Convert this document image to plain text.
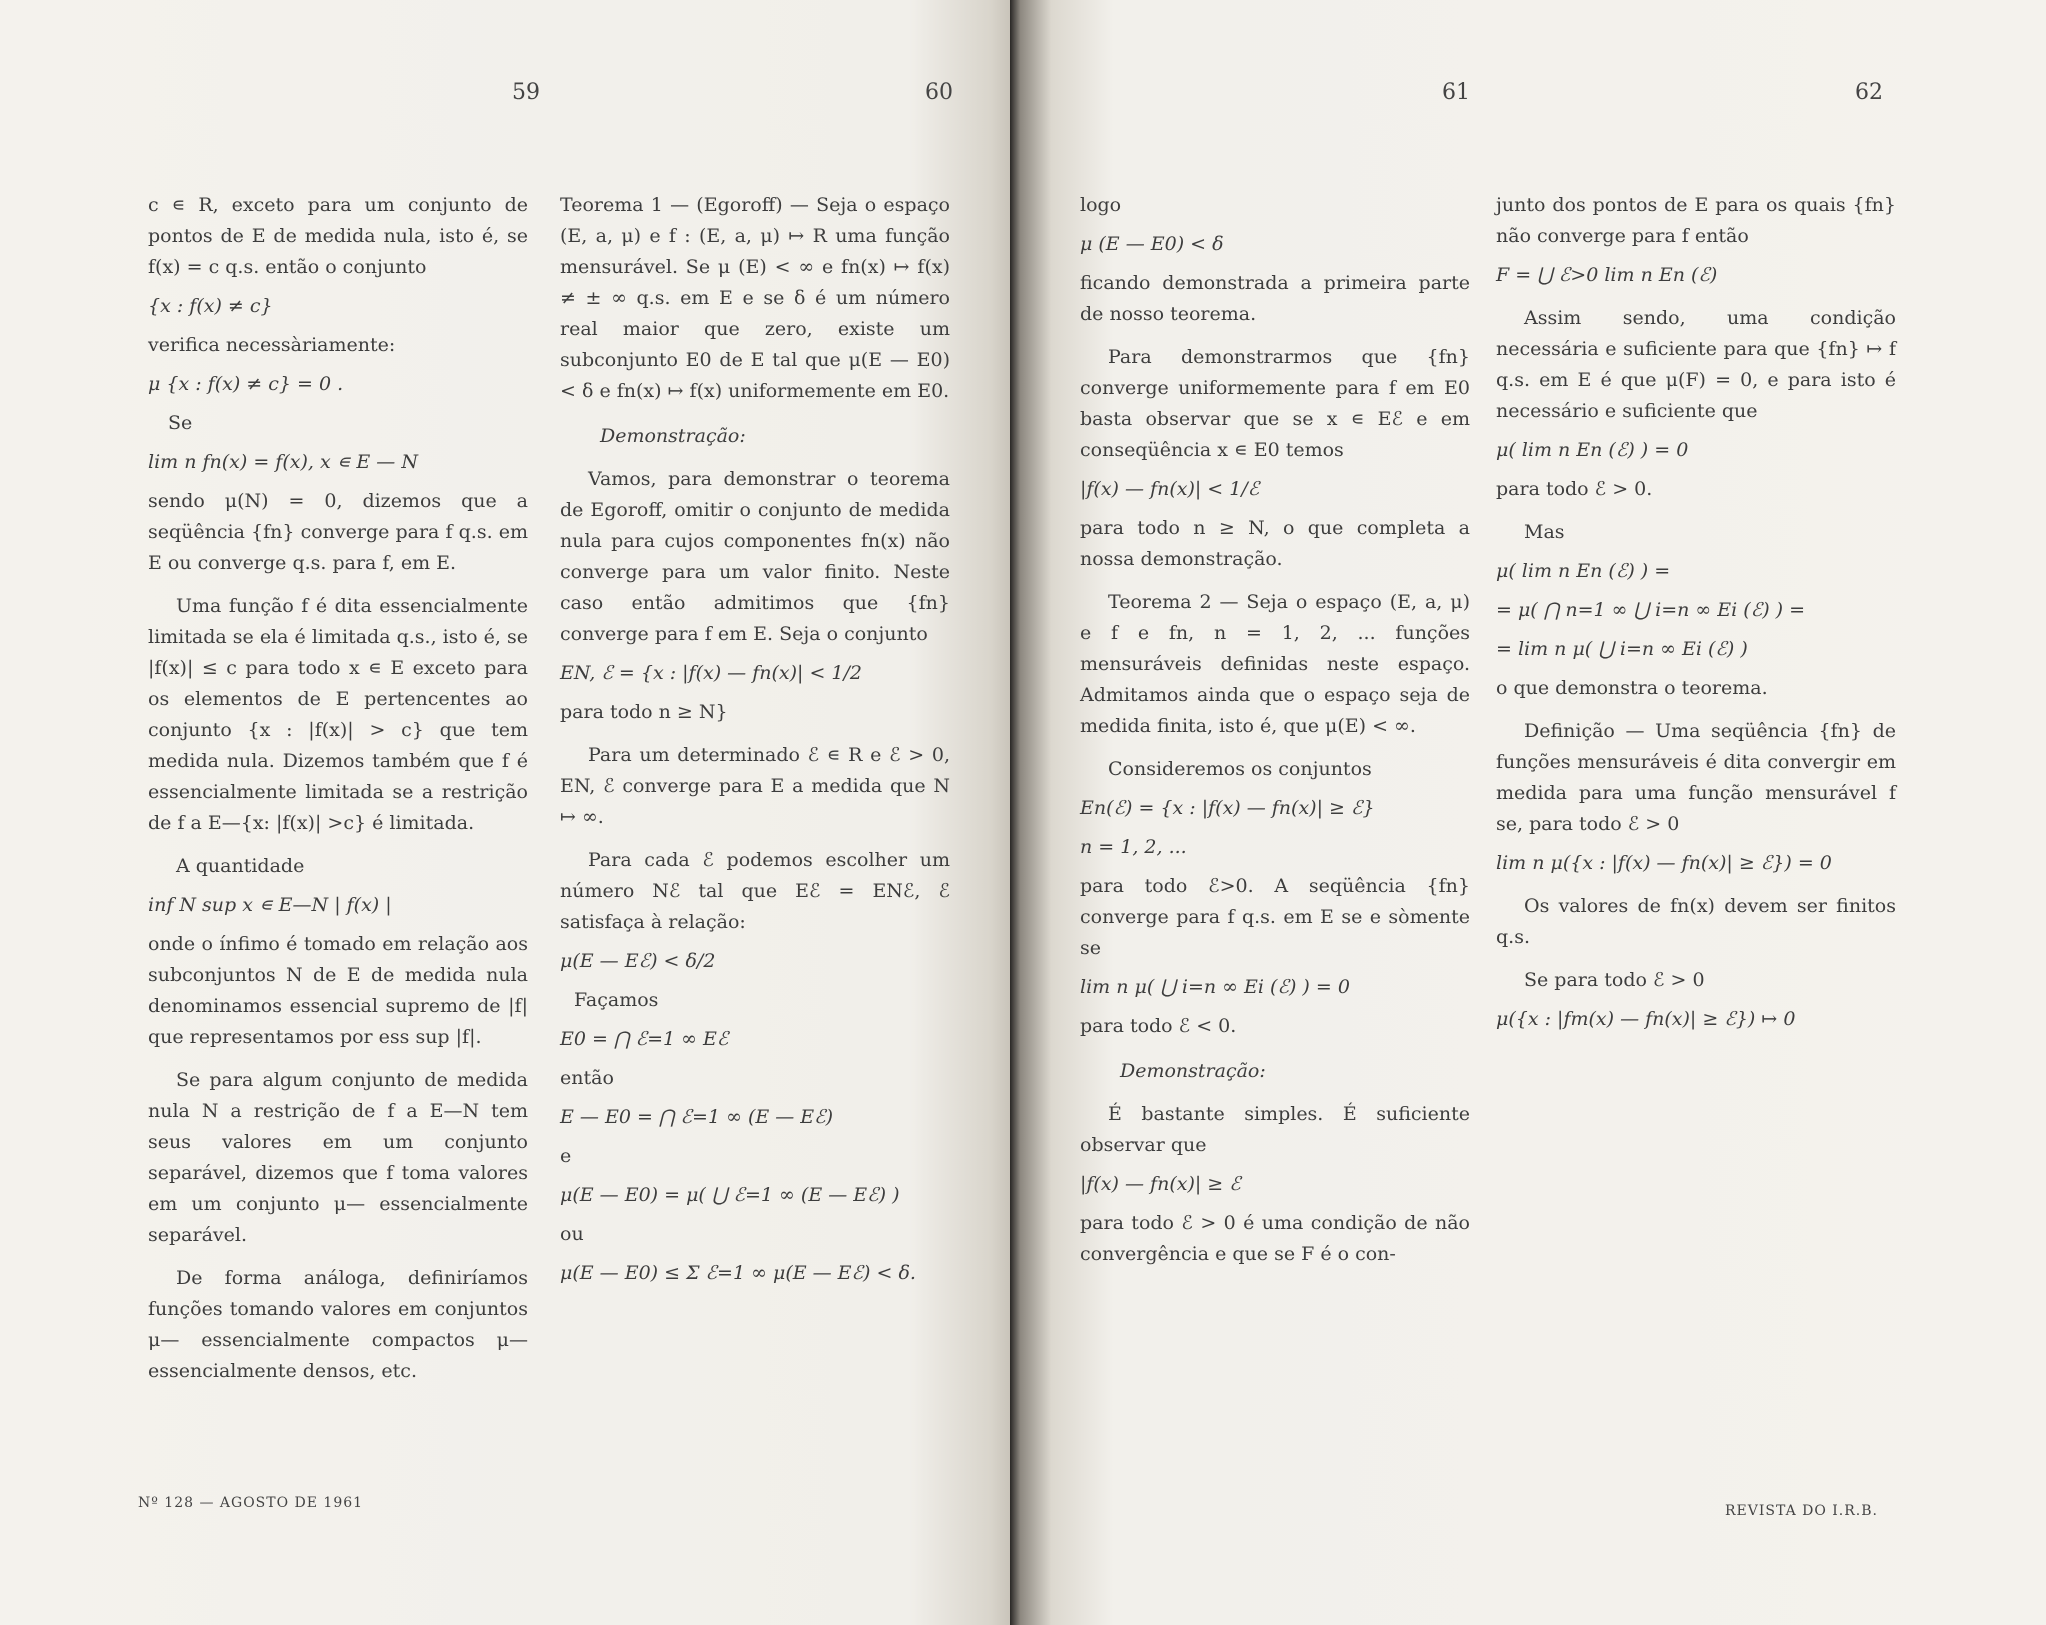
59	60

c ∊ R, exceto para um conjunto de pontos de E de medida nula, isto é, se f(x) = c q.s. então o conjunto

{x : f(x) ≠ c}

verifica necessàriamente:

μ {x : f(x) ≠ c} = 0 .

Se

lim n fn(x) = f(x), x ∊ E — N

sendo μ(N) = 0, dizemos que a seqüência {fn} converge para f q.s. em E ou converge q.s. para f, em E.

Uma função f é dita essencialmente limitada se ela é limitada q.s., isto é, se |f(x)| ≤ c para todo x ∊ E exceto para os elementos de E pertencentes ao conjunto {x : |f(x)| > c} que tem medida nula. Dizemos também que f é essencialmente limitada se a restrição de f a E—{x: |f(x)| >c} é limitada.

A quantidade

inf N sup x ∊ E—N | f(x) |

onde o ínfimo é tomado em relação aos subconjuntos N de E de medida nula denominamos essencial supremo de |f| que representamos por ess sup |f|.

Se para algum conjunto de medida nula N a restrição de f a E—N tem seus valores em um conjunto separável, dizemos que f toma valores em um conjunto μ— essencialmente separável.

De forma análoga, definiríamos funções tomando valores em conjuntos μ— essencialmente compactos μ— essencialmente densos, etc.

Teorema 1 — (Egoroff) — Seja o espaço (E, a, μ) e f : (E, a, μ) ↦ R uma função mensurável. Se μ (E) < ∞ e fn(x) ↦ f(x) ≠ ± ∞ q.s. em E e se δ é um número real maior que zero, existe um subconjunto E0 de E tal que μ(E — E0) < δ e fn(x) ↦ f(x) uniformemente em E0.

Demonstração:

Vamos, para demonstrar o teorema de Egoroff, omitir o conjunto de medida nula para cujos componentes fn(x) não converge para um valor finito. Neste caso então admitimos que {fn} converge para f em E. Seja o conjunto

EN, ℰ = {x : |f(x) — fn(x)| < 1/2

para todo n ≥ N}

Para um determinado ℰ ∊ R e ℰ > 0, EN, ℰ converge para E a medida que N ↦ ∞.

Para cada ℰ podemos escolher um número Nℰ tal que Eℰ = ENℰ, ℰ satisfaça à relação:

μ(E — Eℰ) < δ/2

Façamos

E0 = ⋂ ℰ=1 ∞ Eℰ

então

E — E0 = ⋂ ℰ=1 ∞ (E — Eℰ)

e

μ(E — E0) = μ( ⋃ ℰ=1 ∞ (E — Eℰ) )

ou

μ(E — E0) ≤ Σ ℰ=1 ∞ μ(E — Eℰ) < δ.

Nº 128 — AGOSTO DE 1961
61	62

logo

μ (E — E0) < δ

ficando demonstrada a primeira parte de nosso teorema.

Para demonstrarmos que {fn} converge uniformemente para f em E0 basta observar que se x ∊ Eℰ e em conseqüência x ∊ E0 temos

|f(x) — fn(x)| < 1/ℰ

para todo n ≥ N, o que completa a nossa demonstração.

Teorema 2 — Seja o espaço (E, a, μ) e f e fn, n = 1, 2, ... funções mensuráveis definidas neste espaço. Admitamos ainda que o espaço seja de medida finita, isto é, que μ(E) < ∞.

Consideremos os conjuntos

En(ℰ) = {x : |f(x) — fn(x)| ≥ ℰ}

n = 1, 2, ...

para todo ℰ>0. A seqüência {fn} converge para f q.s. em E se e sòmente se

lim n μ( ⋃ i=n ∞ Ei (ℰ) ) = 0

para todo ℰ < 0.

Demonstração:

É bastante simples. É suficiente observar que

|f(x) — fn(x)| ≥ ℰ

para todo ℰ > 0 é uma condição de não convergência e que se F é o con-

junto dos pontos de E para os quais {fn} não converge para f então

F = ⋃ ℰ>0 lim n En (ℰ)

Assim sendo, uma condição necessária e suficiente para que {fn} ↦ f q.s. em E é que μ(F) = 0, e para isto é necessário e suficiente que

μ( lim n En (ℰ) ) = 0

para todo ℰ > 0.

Mas

μ( lim n En (ℰ) ) =

= μ( ⋂ n=1 ∞ ⋃ i=n ∞ Ei (ℰ) ) =

= lim n μ( ⋃ i=n ∞ Ei (ℰ) )

o que demonstra o teorema.

Definição — Uma seqüência {fn} de funções mensuráveis é dita convergir em medida para uma função mensurável f se, para todo ℰ > 0

lim n μ({x : |f(x) — fn(x)| ≥ ℰ}) = 0

Os valores de fn(x) devem ser finitos q.s.

Se para todo ℰ > 0

μ({x : |fm(x) — fn(x)| ≥ ℰ}) ↦ 0

REVISTA DO I.R.B.
